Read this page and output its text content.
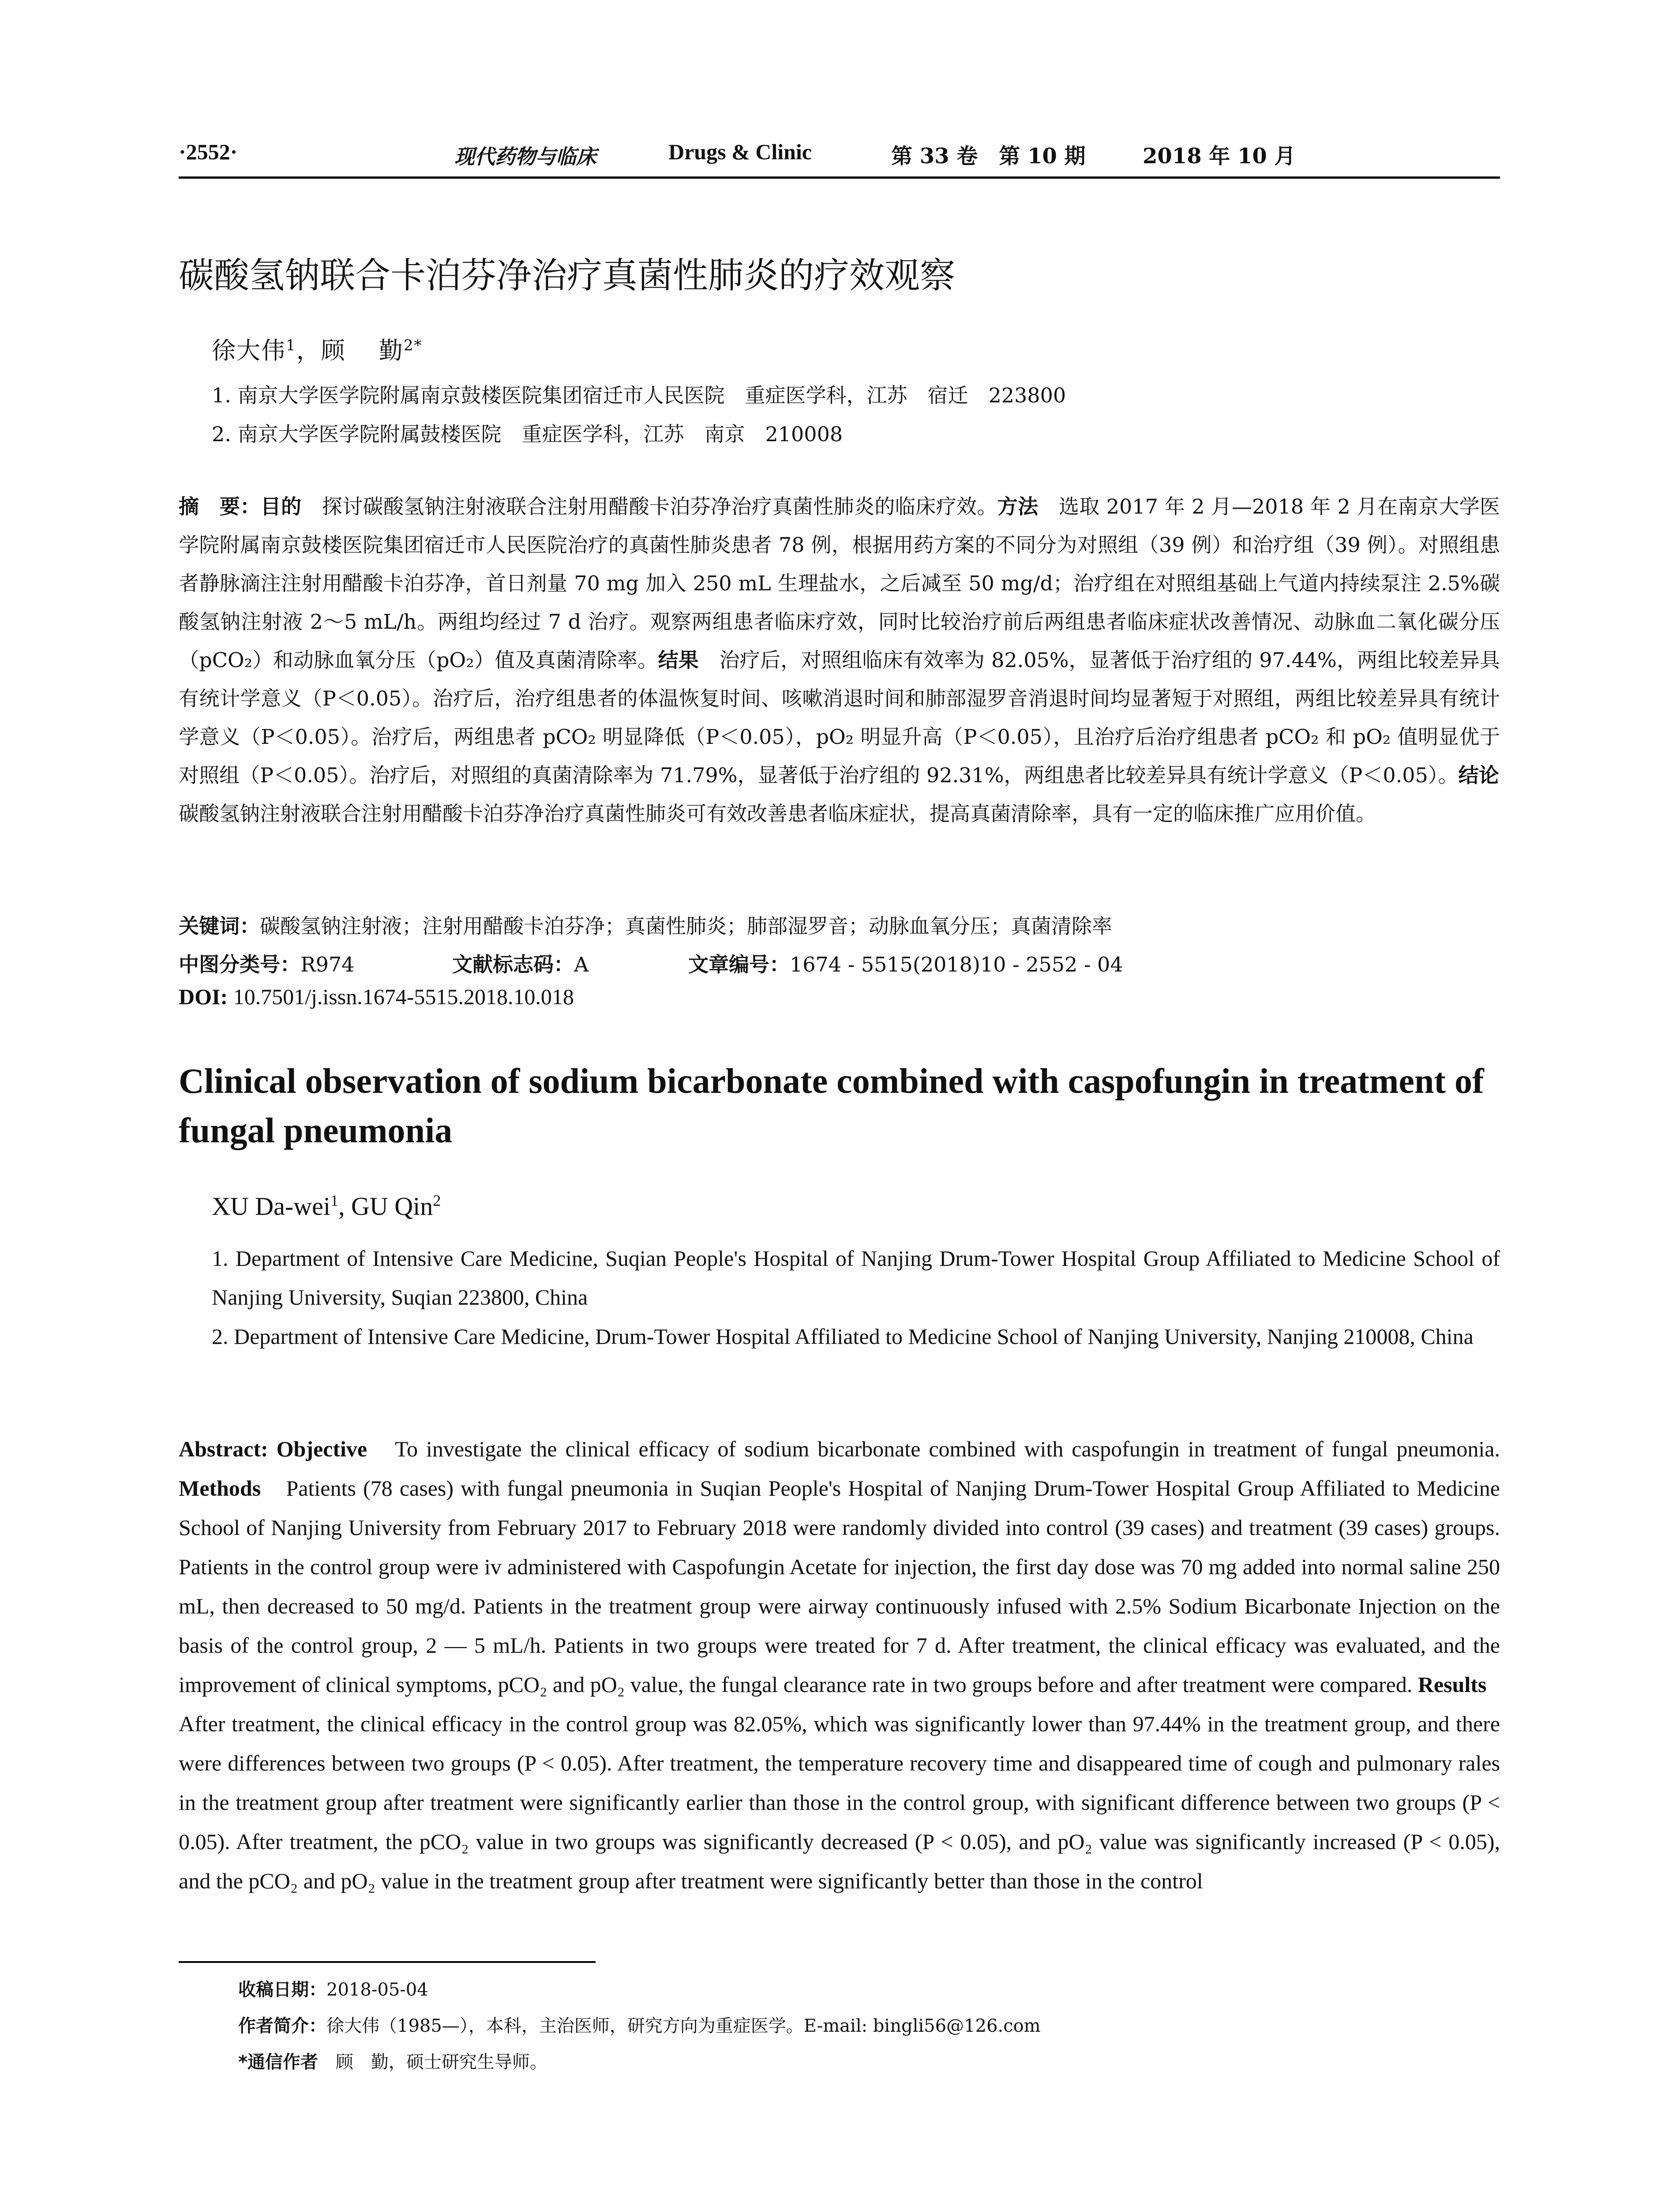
·2552·	现代药物与临床	Drugs & Clinic	第 33 卷　第 10 期	2018 年 10 月
碳酸氢钠联合卡泊芬净治疗真菌性肺炎的疗效观察
徐大伟$^1$，顾　 勤$^{2*}$
1. 南京大学医学院附属南京鼓楼医院集团宿迁市人民医院　重症医学科，江苏　宿迁　223800
2. 南京大学医学院附属鼓楼医院　重症医学科，江苏　南京　210008
摘　要：目的　探讨碳酸氢钠注射液联合注射用醋酸卡泊芬净治疗真菌性肺炎的临床疗效。方法　选取 2017 年 2 月—2018 年 2 月在南京大学医学院附属南京鼓楼医院集团宿迁市人民医院治疗的真菌性肺炎患者 78 例，根据用药方案的不同分为对照组（39 例）和治疗组（39 例）。对照组患者静脉滴注注射用醋酸卡泊芬净，首日剂量 70 mg 加入 250 mL 生理盐水，之后减至 50 mg/d；治疗组在对照组基础上气道内持续泵注 2.5%碳酸氢钠注射液 2～5 mL/h。两组均经过 7 d 治疗。观察两组患者临床疗效，同时比较治疗前后两组患者临床症状改善情况、动脉血二氧化碳分压（pCO₂）和动脉血氧分压（pO₂）值及真菌清除率。结果　治疗后，对照组临床有效率为 82.05%，显著低于治疗组的 97.44%，两组比较差异具有统计学意义（P＜0.05）。治疗后，治疗组患者的体温恢复时间、咳嗽消退时间和肺部湿罗音消退时间均显著短于对照组，两组比较差异具有统计学意义（P＜0.05）。治疗后，两组患者 pCO₂ 明显降低（P＜0.05），pO₂ 明显升高（P＜0.05），且治疗后治疗组患者 pCO₂ 和 pO₂ 值明显优于对照组（P＜0.05）。治疗后，对照组的真菌清除率为 71.79%，显著低于治疗组的 92.31%，两组患者比较差异具有统计学意义（P＜0.05）。结论　碳酸氢钠注射液联合注射用醋酸卡泊芬净治疗真菌性肺炎可有效改善患者临床症状，提高真菌清除率，具有一定的临床推广应用价值。
关键词：碳酸氢钠注射液；注射用醋酸卡泊芬净；真菌性肺炎；肺部湿罗音；动脉血氧分压；真菌清除率
中图分类号：R974	文献标志码：A	文章编号：1674 - 5515(2018)10 - 2552 - 04
DOI: 10.7501/j.issn.1674-5515.2018.10.018
Clinical observation of sodium bicarbonate combined with caspofungin in treatment of fungal pneumonia
XU Da-wei$^1$, GU Qin$^2$
1. Department of Intensive Care Medicine, Suqian People's Hospital of Nanjing Drum-Tower Hospital Group Affiliated to Medicine School of Nanjing University, Suqian 223800, China
2. Department of Intensive Care Medicine, Drum-Tower Hospital Affiliated to Medicine School of Nanjing University, Nanjing 210008, China
Abstract: Objective　To investigate the clinical efficacy of sodium bicarbonate combined with caspofungin in treatment of fungal pneumonia. Methods　Patients (78 cases) with fungal pneumonia in Suqian People's Hospital of Nanjing Drum-Tower Hospital Group Affiliated to Medicine School of Nanjing University from February 2017 to February 2018 were randomly divided into control (39 cases) and treatment (39 cases) groups. Patients in the control group were iv administered with Caspofungin Acetate for injection, the first day dose was 70 mg added into normal saline 250 mL, then decreased to 50 mg/d. Patients in the treatment group were airway continuously infused with 2.5% Sodium Bicarbonate Injection on the basis of the control group, 2 — 5 mL/h. Patients in two groups were treated for 7 d. After treatment, the clinical efficacy was evaluated, and the improvement of clinical symptoms, pCO₂ and pO₂ value, the fungal clearance rate in two groups before and after treatment were compared. Results　After treatment, the clinical efficacy in the control group was 82.05%, which was significantly lower than 97.44% in the treatment group, and there were differences between two groups (P < 0.05). After treatment, the temperature recovery time and disappeared time of cough and pulmonary rales in the treatment group after treatment were significantly earlier than those in the control group, with significant difference between two groups (P < 0.05). After treatment, the pCO₂ value in two groups was significantly decreased (P < 0.05), and pO₂ value was significantly increased (P < 0.05), and the pCO₂ and pO₂ value in the treatment group after treatment were significantly better than those in the control
收稿日期：2018-05-04
作者简介：徐大伟（1985—），本科，主治医师，研究方向为重症医学。E-mail: bingli56@126.com
*通信作者　顾　勤，硕士研究生导师。
